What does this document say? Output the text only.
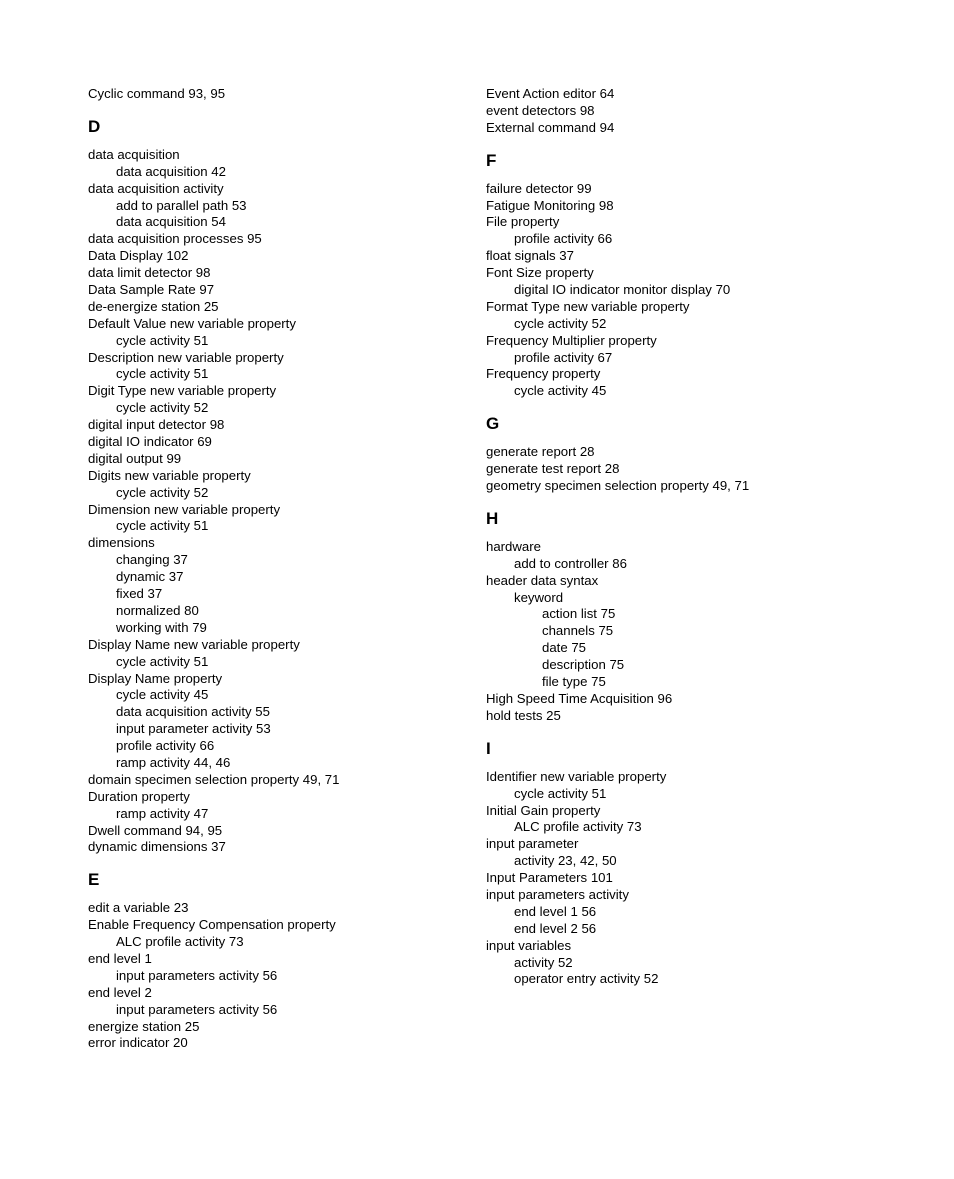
Cyclic command 93, 95
D
data acquisition
data acquisition 42
data acquisition activity
add to parallel path 53
data acquisition 54
data acquisition processes 95
Data Display 102
data limit detector 98
Data Sample Rate 97
de-energize station 25
Default Value new variable property
cycle activity 51
Description new variable property
cycle activity 51
Digit Type new variable property
cycle activity 52
digital input detector 98
digital IO indicator 69
digital output 99
Digits new variable property
cycle activity 52
Dimension new variable property
cycle activity 51
dimensions
changing 37
dynamic 37
fixed 37
normalized 80
working with 79
Display Name new variable property
cycle activity 51
Display Name property
cycle activity 45
data acquisition activity 55
input parameter activity 53
profile activity 66
ramp activity 44, 46
domain specimen selection property 49, 71
Duration property
ramp activity 47
Dwell command 94, 95
dynamic dimensions 37
E
edit a variable 23
Enable Frequency Compensation property
ALC profile activity 73
end level 1
input parameters activity 56
end level 2
input parameters activity 56
energize station 25
error indicator 20
Event Action editor 64
event detectors 98
External command 94
F
failure detector 99
Fatigue Monitoring 98
File property
profile activity 66
float signals 37
Font Size property
digital IO indicator monitor display 70
Format Type new variable property
cycle activity 52
Frequency Multiplier property
profile activity 67
Frequency property
cycle activity 45
G
generate report 28
generate test report 28
geometry specimen selection property 49, 71
H
hardware
add to controller 86
header data syntax
keyword
action list 75
channels 75
date 75
description 75
file type 75
High Speed Time Acquisition 96
hold tests 25
I
Identifier new variable property
cycle activity 51
Initial Gain property
ALC profile activity 73
input parameter
activity 23, 42, 50
Input Parameters 101
input parameters activity
end level 1 56
end level 2 56
input variables
activity 52
operator entry activity 52
